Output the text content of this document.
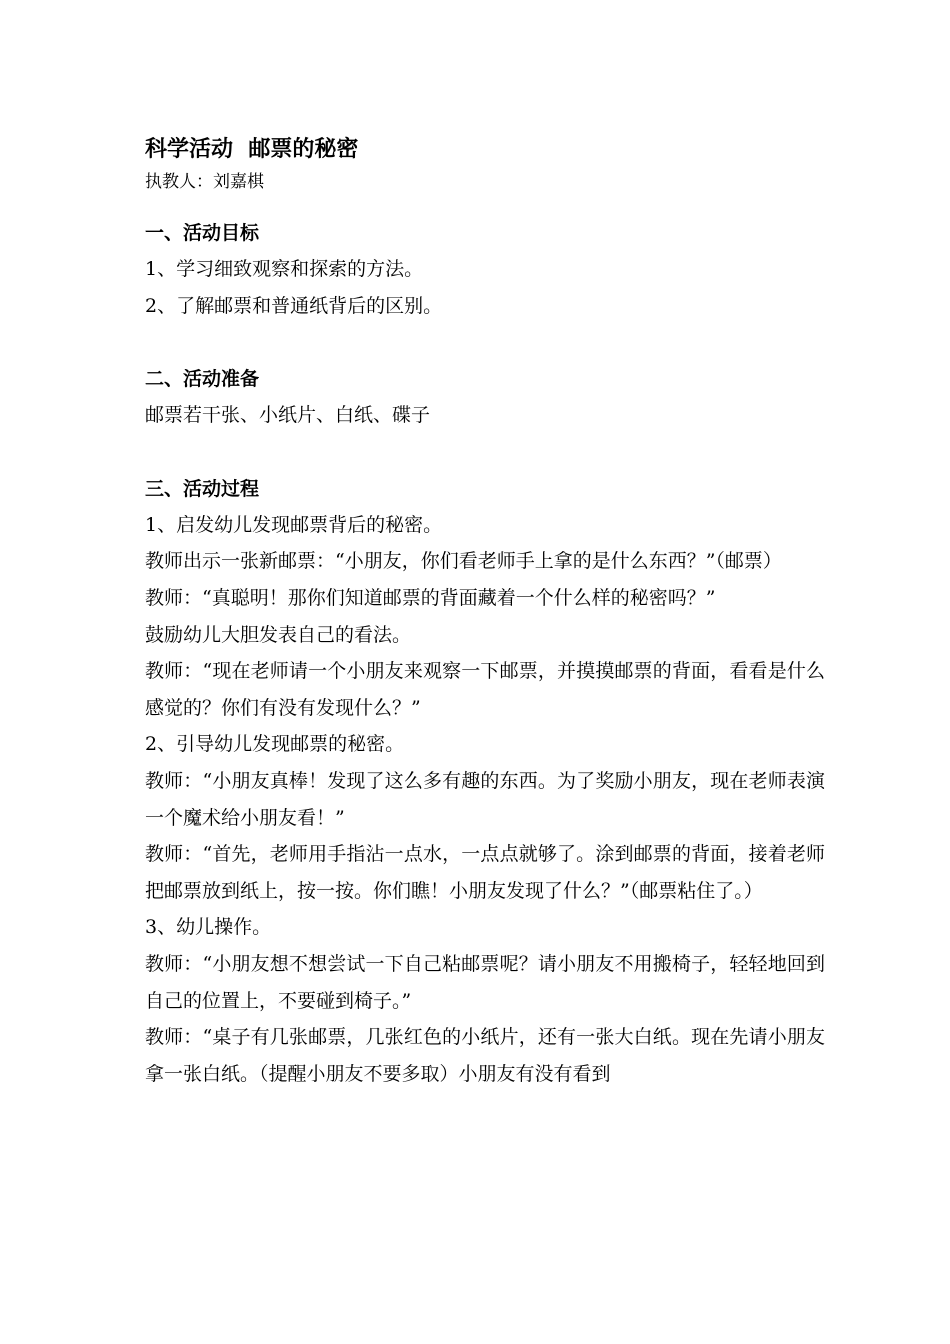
科学活动  邮票的秘密

执教人：刘嘉棋

一、活动目标

1、学习细致观察和探索的方法。

2、了解邮票和普通纸背后的区别。

二、活动准备

邮票若干张、小纸片、白纸、碟子

三、活动过程

1、启发幼儿发现邮票背后的秘密。

教师出示一张新邮票：“小朋友，你们看老师手上拿的是什么东西？”（邮票）

教师：“真聪明！那你们知道邮票的背面藏着一个什么样的秘密吗？”

鼓励幼儿大胆发表自己的看法。

教师：“现在老师请一个小朋友来观察一下邮票，并摸摸邮票的背面，看看是什么感觉的？你们有没有发现什么？”

2、引导幼儿发现邮票的秘密。

教师：“小朋友真棒！发现了这么多有趣的东西。为了奖励小朋友，现在老师表演一个魔术给小朋友看！”

教师：“首先，老师用手指沾一点水，一点点就够了。涂到邮票的背面，接着老师把邮票放到纸上，按一按。你们瞧！小朋友发现了什么？”（邮票粘住了。）

3、幼儿操作。

教师：“小朋友想不想尝试一下自己粘邮票呢？请小朋友不用搬椅子，轻轻地回到自己的位置上，不要碰到椅子。”

教师：“桌子有几张邮票，几张红色的小纸片，还有一张大白纸。现在先请小朋友拿一张白纸。（提醒小朋友不要多取）小朋友有没有看到
